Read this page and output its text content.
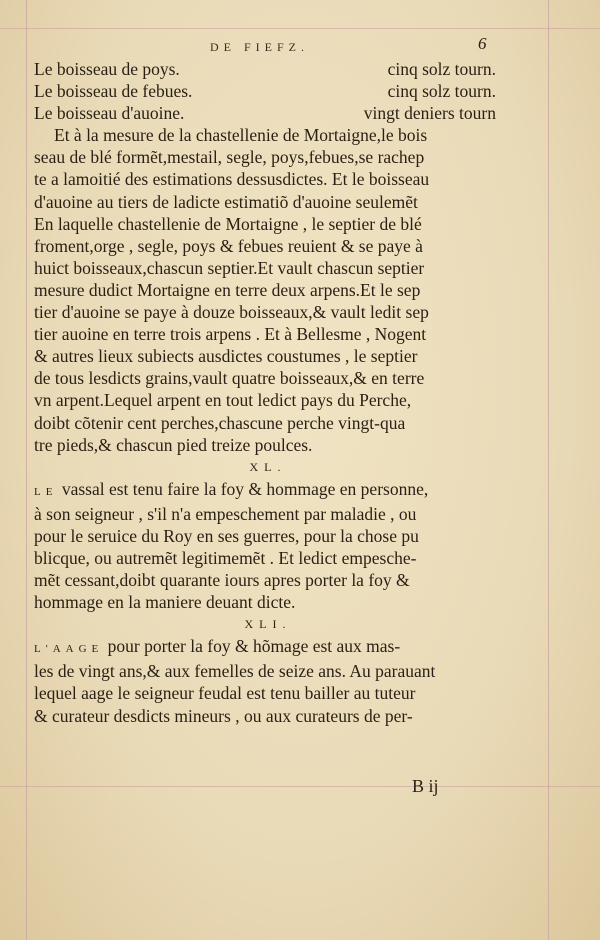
DE FIEFZ.	6
Le boisseau de poys.	cinq solz tourn.
Le boisseau de febues.	cinq solz tourn.
Le boisseau d'auoine.	vingt deniers tourn
Et à la mesure de la chastellenie de Mortaigne,le bois
seau de blé formẽt,mestail, segle, poys,febues,se rachep
te a lamoitié des estimations dessusdictes. Et le boisseau
d'auoine au tiers de ladicte estimatiõ d'auoine seulemẽt
En laquelle chastellenie de Mortaigne , le septier de blé
froment,orge , segle, poys & febues reuient & se paye à
huict boisseaux,chascun septier.Et vault chascun septier
mesure dudict Mortaigne en terre deux arpens.Et le sep
tier d'auoine se paye à douze boisseaux,& vault ledit sep
tier auoine en terre trois arpens . Et à Bellesme , Nogent
& autres lieux subiects ausdictes coustumes , le septier
de tous lesdicts grains,vault quatre boisseaux,& en terre
vn arpent.Lequel arpent en tout ledict pays du Perche,
doibt cõtenir cent perches,chascune perche vingt-qua
tre pieds,& chascun pied treize poulces.
XL.
LE vassal est tenu faire la foy & hommage en personne,
à son seigneur , s'il n'a empeschement par maladie , ou
pour le seruice du Roy en ses guerres, pour la chose pu
blicque, ou autremẽt legitimemẽt . Et ledict empesche-
mẽt cessant,doibt quarante iours apres porter la foy &
hommage en la maniere deuant dicte.
XLI.
L'AAGE pour porter la foy & hõmage est aux mas-
les de vingt ans,& aux femelles de seize ans. Au parauant
lequel aage le seigneur feudal est tenu bailler au tuteur
& curateur desdicts mineurs , ou aux curateurs de per-
B ij
